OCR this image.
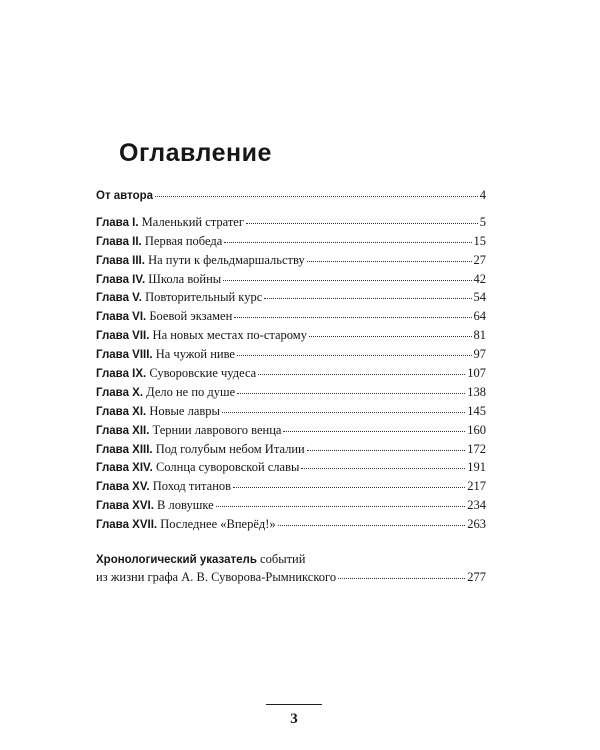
Оглавление
От автора	4
Глава I. Маленький стратег	5
Глава II. Первая победа	15
Глава III. На пути к фельдмаршальству	27
Глава IV. Школа войны	42
Глава V. Повторительный курс	54
Глава VI. Боевой экзамен	64
Глава VII. На новых местах по-старому	81
Глава VIII. На чужой ниве	97
Глава IX. Суворовские чудеса	107
Глава X. Дело не по душе	138
Глава XI. Новые лавры	145
Глава XII. Тернии лаврового венца	160
Глава XIII. Под голубым небом Италии	172
Глава XIV. Солнца суворовской славы	191
Глава XV. Поход титанов	217
Глава XVI. В ловушке	234
Глава XVII. Последнее «Вперёд!»	263
Хронологический указатель событий
из жизни графа А. В. Суворова-Рымникского	277
3
